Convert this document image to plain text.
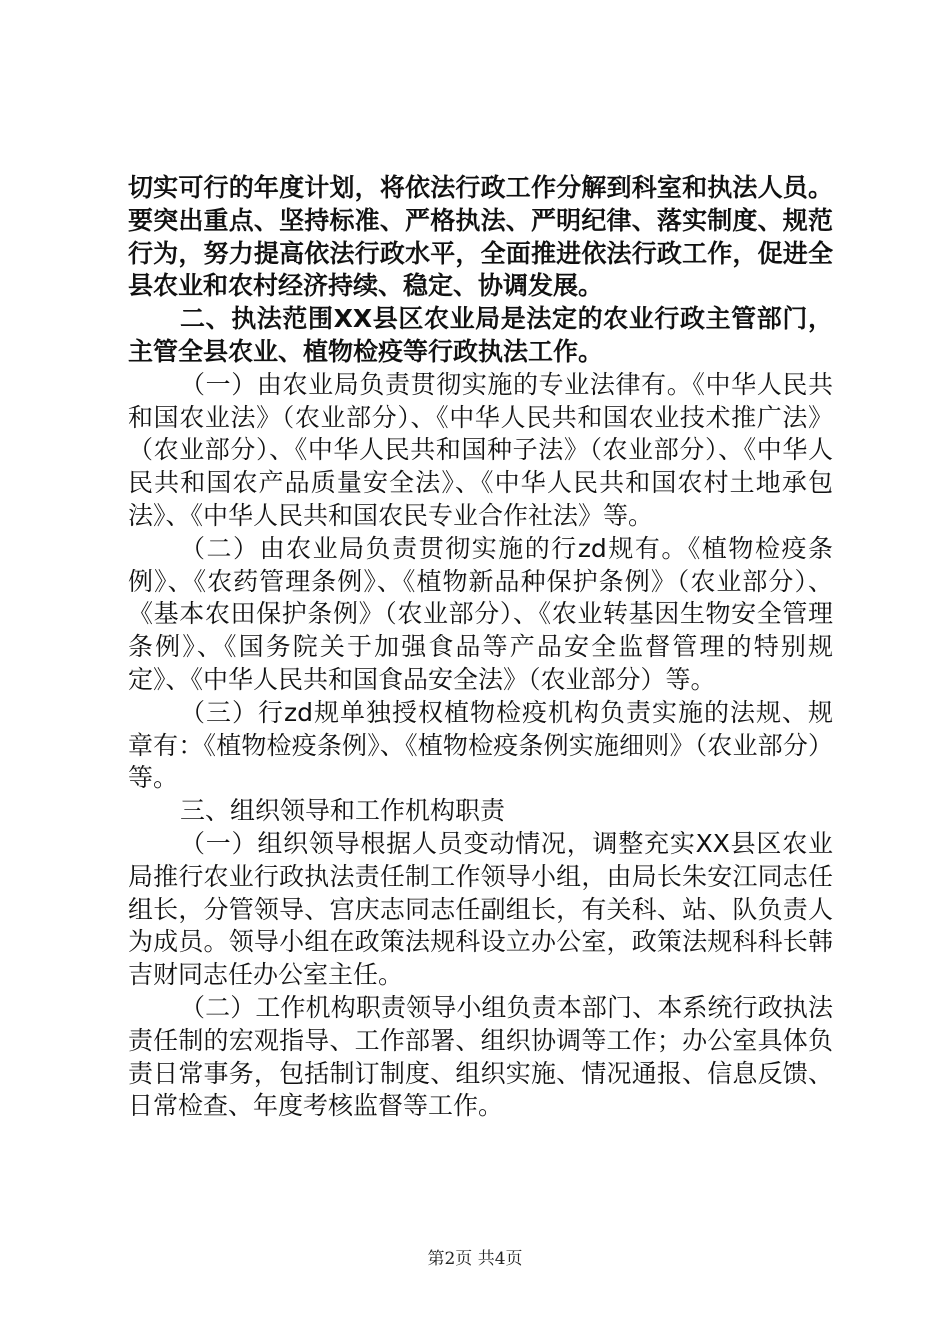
切实可行的年度计划，将依法行政工作分解到科室和执法人员。要突出重点、坚持标准、严格执法、严明纪律、落实制度、规范行为，努力提高依法行政水平，全面推进依法行政工作，促进全县农业和农村经济持续、稳定、协调发展。

二、执法范围XX县区农业局是法定的农业行政主管部门，主管全县农业、植物检疫等行政执法工作。

（一）由农业局负责贯彻实施的专业法律有。《中华人民共和国农业法》（农业部分）、《中华人民共和国农业技术推广法》（农业部分）、《中华人民共和国种子法》（农业部分）、《中华人民共和国农产品质量安全法》、《中华人民共和国农村土地承包法》、《中华人民共和国农民专业合作社法》等。

（二）由农业局负责贯彻实施的行zd规有。《植物检疫条例》、《农药管理条例》、《植物新品种保护条例》（农业部分）、《基本农田保护条例》（农业部分）、《农业转基因生物安全管理条例》、《国务院关于加强食品等产品安全监督管理的特别规定》、《中华人民共和国食品安全法》（农业部分）等。

（三）行zd规单独授权植物检疫机构负责实施的法规、规章有：《植物检疫条例》、《植物检疫条例实施细则》（农业部分）等。

三、组织领导和工作机构职责

（一）组织领导根据人员变动情况，调整充实XX县区农业局推行农业行政执法责任制工作领导小组，由局长朱安江同志任组长，分管领导、宫庆志同志任副组长，有关科、站、队负责人为成员。领导小组在政策法规科设立办公室，政策法规科科长韩吉财同志任办公室主任。

（二）工作机构职责领导小组负责本部门、本系统行政执法责任制的宏观指导、工作部署、组织协调等工作；办公室具体负责日常事务，包括制订制度、组织实施、情况通报、信息反馈、日常检查、年度考核监督等工作。

第2页 共4页
